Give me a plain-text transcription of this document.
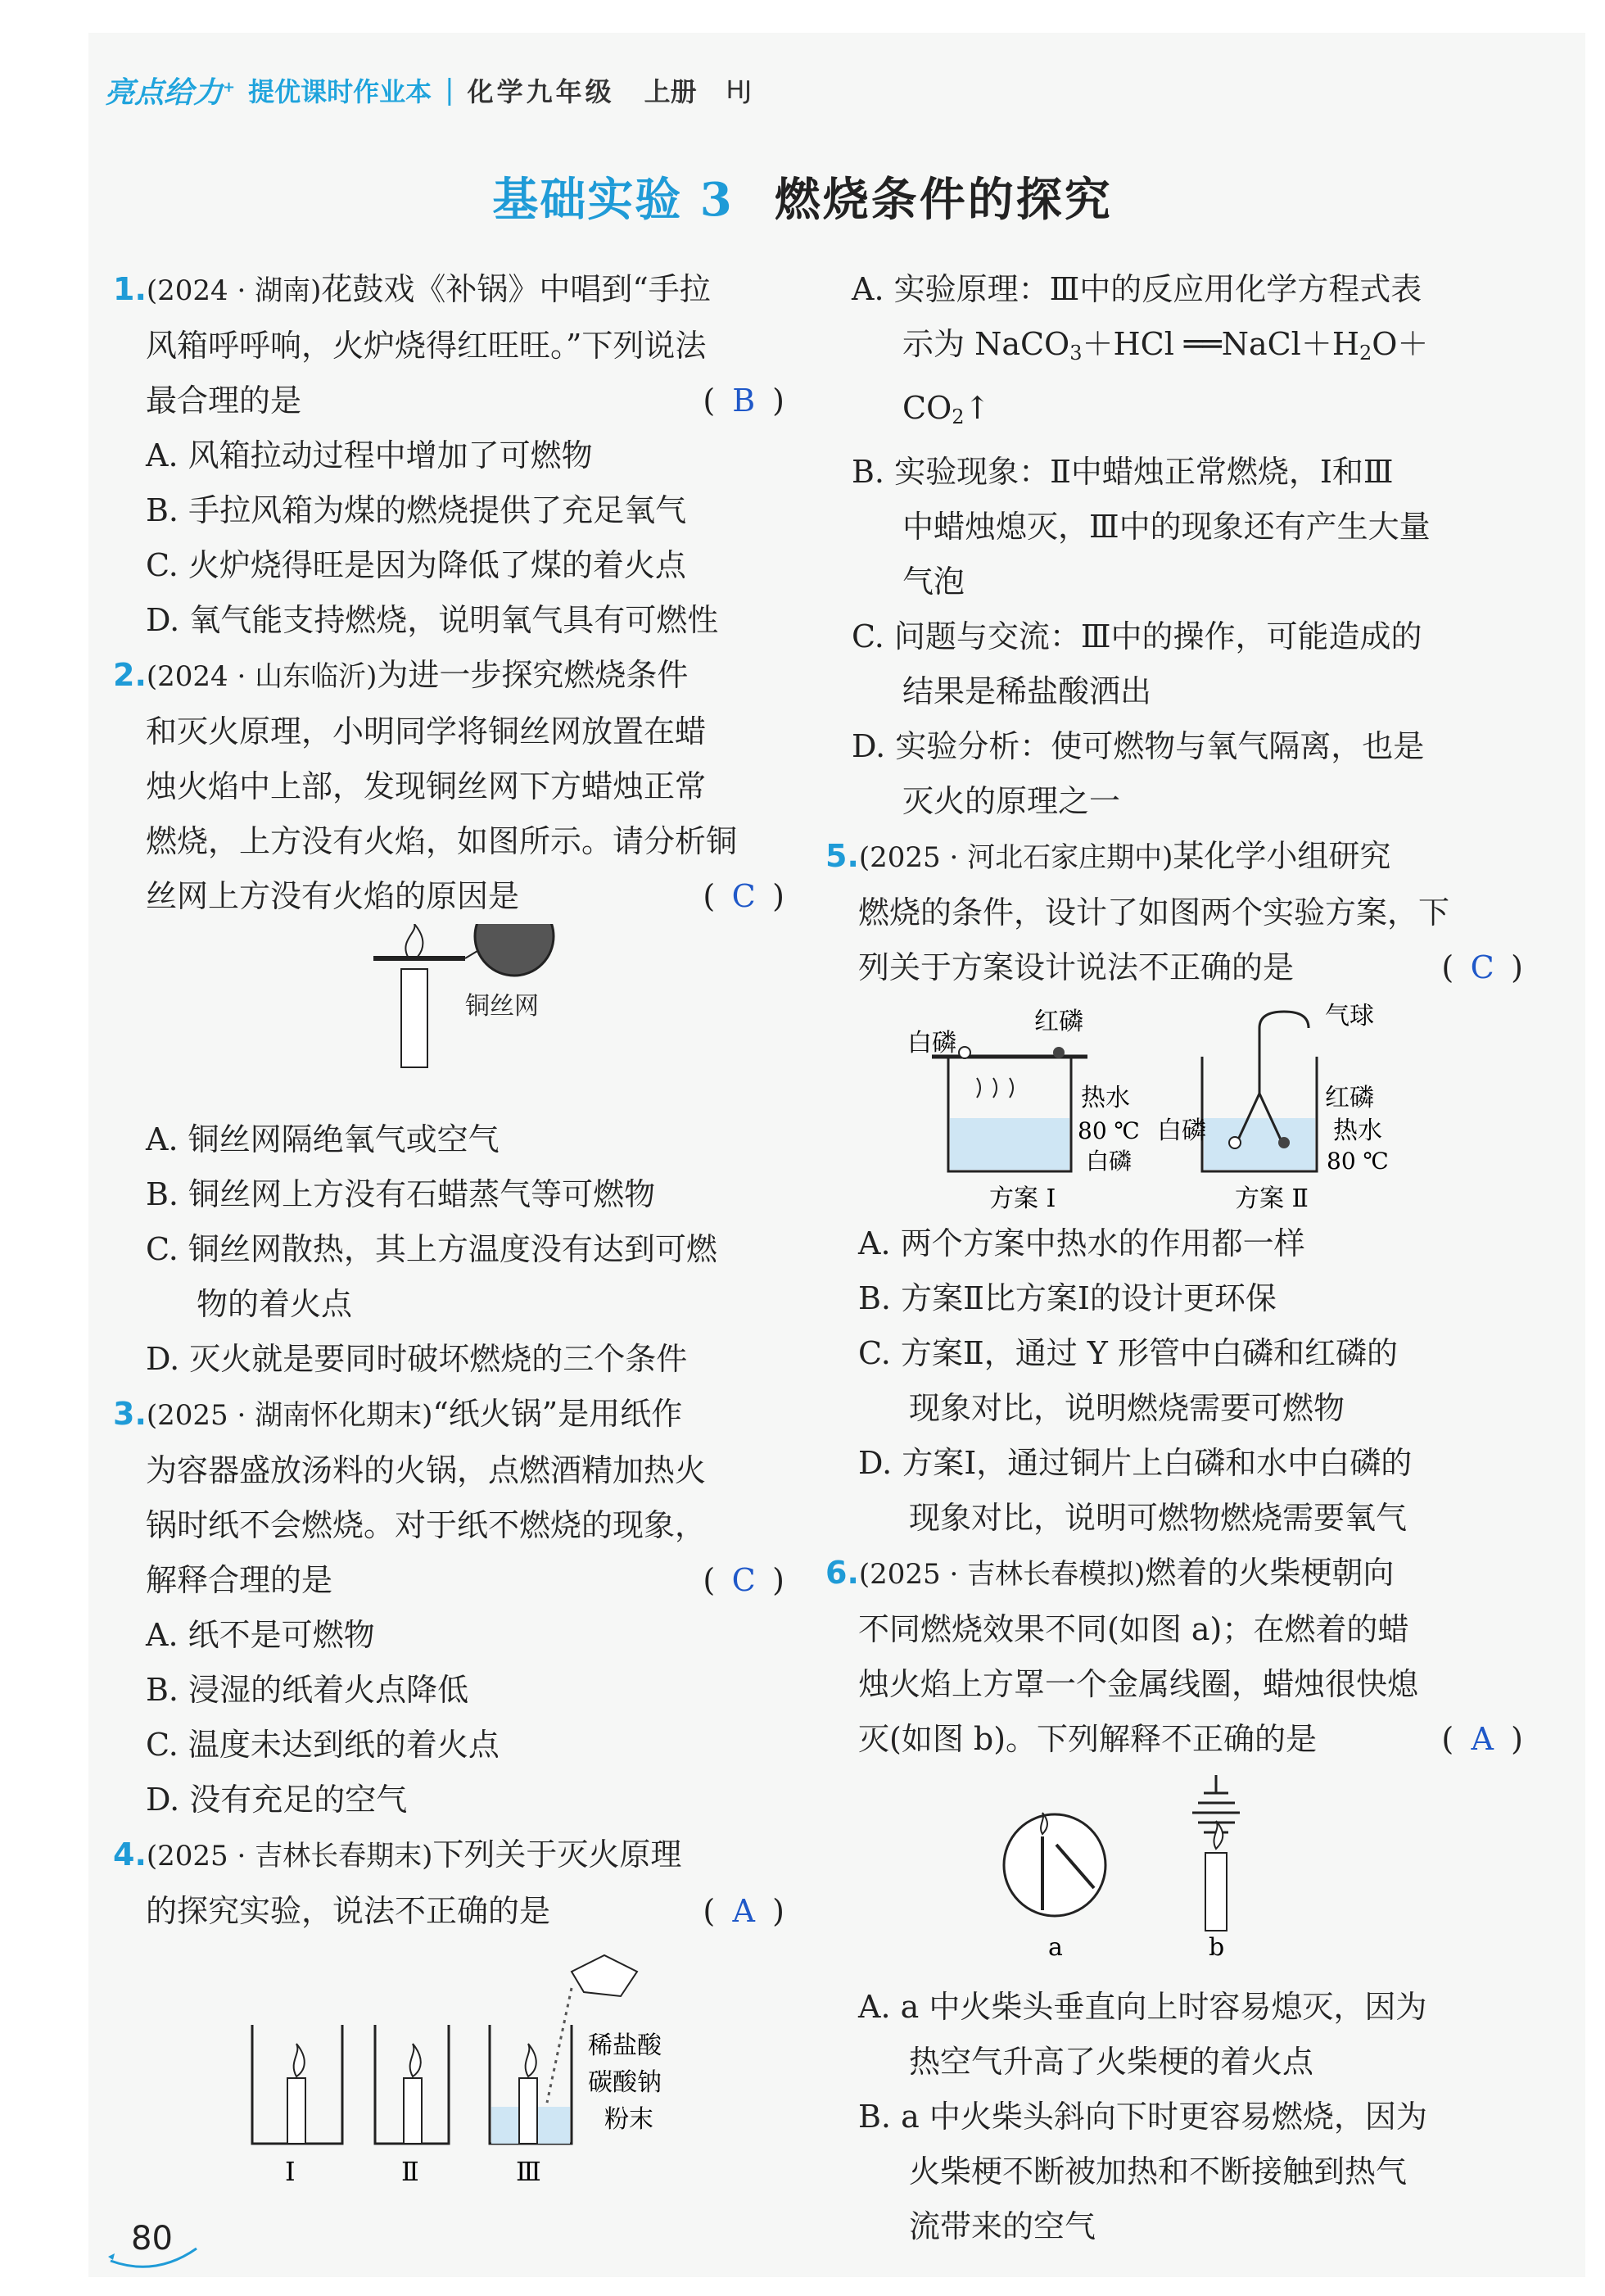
亮点给力+ 提优课时作业本 | 化学九年级 上册 HJ
基础实验 3 燃烧条件的探究
1.(2024 · 湖南)花鼓戏《补锅》中唱到“手拉
风箱呼呼响，火炉烧得红旺旺。”下列说法
最合理的是	( B )
A. 风箱拉动过程中增加了可燃物
B. 手拉风箱为煤的燃烧提供了充足氧气
C. 火炉烧得旺是因为降低了煤的着火点
D. 氧气能支持燃烧，说明氧气具有可燃性
2.(2024 · 山东临沂)为进一步探究燃烧条件
和灭火原理，小明同学将铜丝网放置在蜡
烛火焰中上部，发现铜丝网下方蜡烛正常
燃烧，上方没有火焰，如图所示。请分析铜
丝网上方没有火焰的原因是	( C )
铜丝网
A. 铜丝网隔绝氧气或空气
B. 铜丝网上方没有石蜡蒸气等可燃物
C. 铜丝网散热，其上方温度没有达到可燃
物的着火点
D. 灭火就是要同时破坏燃烧的三个条件
3.(2025 · 湖南怀化期末)“纸火锅”是用纸作
为容器盛放汤料的火锅，点燃酒精加热火
锅时纸不会燃烧。对于纸不燃烧的现象，
解释合理的是	( C )
A. 纸不是可燃物
B. 浸湿的纸着火点降低
C. 温度未达到纸的着火点
D. 没有充足的空气
4.(2025 · 吉林长春期末)下列关于灭火原理
的探究实验，说法不正确的是	( A )
Ⅰ	Ⅱ	Ⅲ
稀盐酸
碳酸钠
粉末
A. 实验原理：Ⅲ中的反应用化学方程式表
示为 NaCO$_3$＋HCl $══NaCl+H_2O+$
$CO_2↑$
B. 实验现象：Ⅱ中蜡烛正常燃烧，Ⅰ和Ⅲ
中蜡烛熄灭，Ⅲ中的现象还有产生大量
气泡
C. 问题与交流：Ⅲ中的操作，可能造成的
结果是稀盐酸洒出
D. 实验分析：使可燃物与氧气隔离，也是
灭火的原理之一
5.(2025 · 河北石家庄期中)某化学小组研究
燃烧的条件，设计了如图两个实验方案，下
列关于方案设计说法不正确的是	( C )
白磷
红磷
热水
80 ℃
白磷
方案 Ⅰ
气球
白磷
红磷
热水
80 ℃
方案 Ⅱ
A. 两个方案中热水的作用都一样
B. 方案Ⅱ比方案Ⅰ的设计更环保
C. 方案Ⅱ，通过 Y 形管中白磷和红磷的
现象对比，说明燃烧需要可燃物
D. 方案Ⅰ，通过铜片上白磷和水中白磷的
现象对比，说明可燃物燃烧需要氧气
6.(2025 · 吉林长春模拟)燃着的火柴梗朝向
不同燃烧效果不同(如图 a)；在燃着的蜡
烛火焰上方罩一个金属线圈，蜡烛很快熄
灭(如图 b)。下列解释不正确的是	( A )
a	b
A. a 中火柴头垂直向上时容易熄灭，因为
热空气升高了火柴梗的着火点
B. a 中火柴头斜向下时更容易燃烧，因为
火柴梗不断被加热和不断接触到热气
流带来的空气
80
